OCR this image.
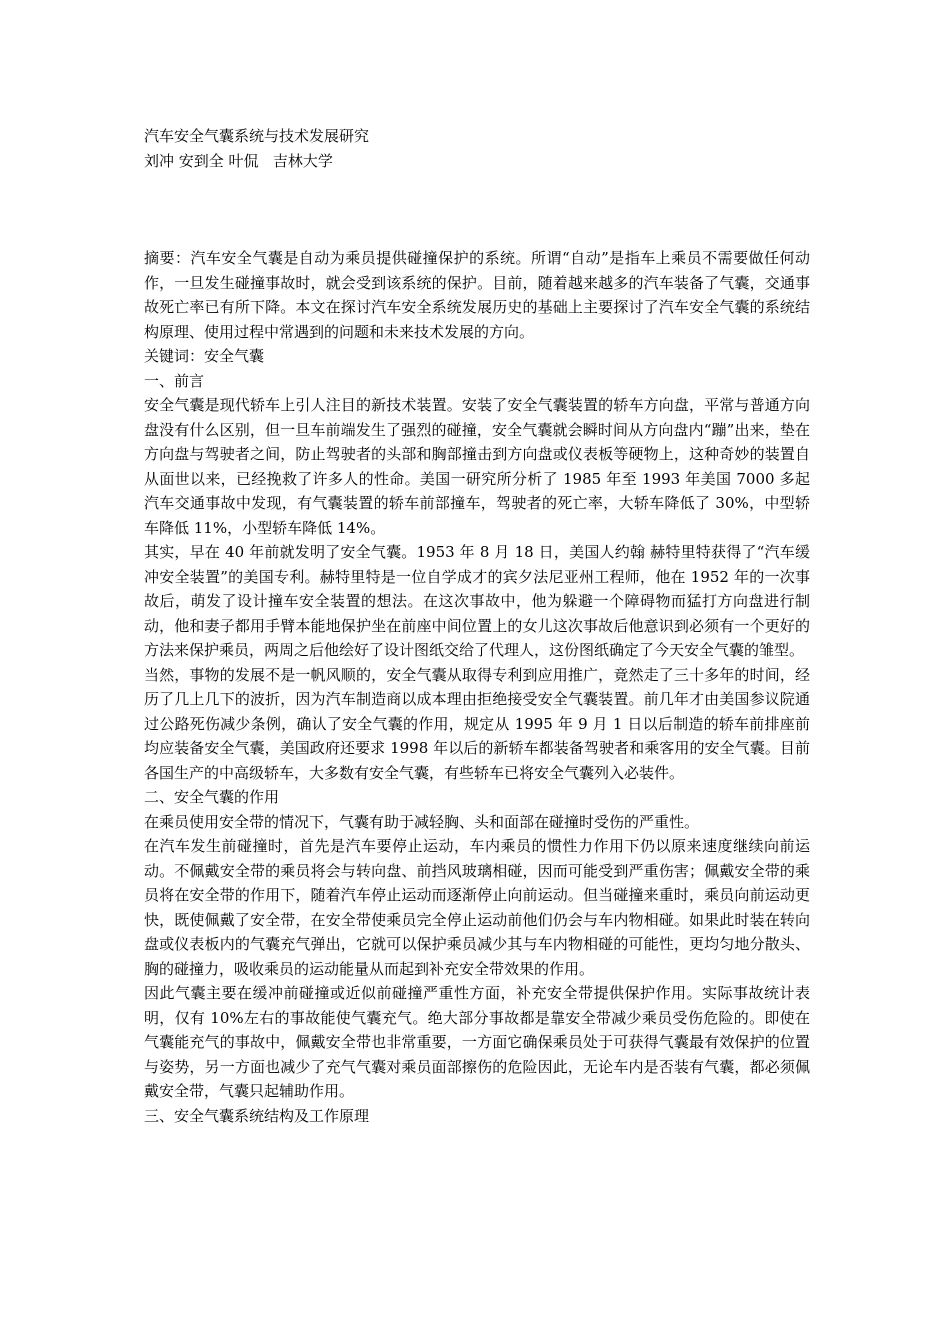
汽车安全气囊系统与技术发展研究

刘冲 安到全 叶侃   吉林大学

摘要：汽车安全气囊是自动为乘员提供碰撞保护的系统。所谓“自动”是指车上乘员不需要做任何动作，一旦发生碰撞事故时，就会受到该系统的保护。目前，随着越来越多的汽车装备了气囊，交通事故死亡率已有所下降。本文在探讨汽车安全系统发展历史的基础上主要探讨了汽车安全气囊的系统结构原理、使用过程中常遇到的问题和未来技术发展的方向。

关键词：安全气囊

一、前言

安全气囊是现代轿车上引人注目的新技术装置。安装了安全气囊装置的轿车方向盘，平常与普通方向盘没有什么区别，但一旦车前端发生了强烈的碰撞，安全气囊就会瞬时间从方向盘内“蹦”出来，垫在方向盘与驾驶者之间，防止驾驶者的头部和胸部撞击到方向盘或仪表板等硬物上，这种奇妙的装置自从面世以来，已经挽救了许多人的性命。美国一研究所分析了 1985 年至 1993 年美国 7000 多起汽车交通事故中发现，有气囊装置的轿车前部撞车，驾驶者的死亡率，大轿车降低了 30%，中型轿车降低 11%，小型轿车降低 14%。

其实，早在 40 年前就发明了安全气囊。1953 年 8 月 18 日，美国人约翰 赫特里特获得了“汽车缓冲安全装置”的美国专利。赫特里特是一位自学成才的宾夕法尼亚州工程师，他在 1952 年的一次事故后，萌发了设计撞车安全装置的想法。在这次事故中，他为躲避一个障碍物而猛打方向盘进行制动，他和妻子都用手臂本能地保护坐在前座中间位置上的女儿这次事故后他意识到必须有一个更好的方法来保护乘员，两周之后他绘好了设计图纸交给了代理人，这份图纸确定了今天安全气囊的雏型。

当然，事物的发展不是一帆风顺的，安全气囊从取得专利到应用推广，竟然走了三十多年的时间，经历了几上几下的波折，因为汽车制造商以成本理由拒绝接受安全气囊装置。前几年才由美国参议院通过公路死伤减少条例，确认了安全气囊的作用，规定从 1995 年 9 月 1 日以后制造的轿车前排座前均应装备安全气囊，美国政府还要求 1998 年以后的新轿车都装备驾驶者和乘客用的安全气囊。目前各国生产的中高级轿车，大多数有安全气囊，有些轿车已将安全气囊列入必装件。

二、安全气囊的作用

在乘员使用安全带的情况下，气囊有助于减轻胸、头和面部在碰撞时受伤的严重性。

在汽车发生前碰撞时，首先是汽车要停止运动，车内乘员的惯性力作用下仍以原来速度继续向前运动。不佩戴安全带的乘员将会与转向盘、前挡风玻璃相碰，因而可能受到严重伤害；佩戴安全带的乘员将在安全带的作用下，随着汽车停止运动而逐渐停止向前运动。但当碰撞来重时，乘员向前运动更快，既使佩戴了安全带，在安全带使乘员完全停止运动前他们仍会与车内物相碰。如果此时装在转向盘或仪表板内的气囊充气弹出，它就可以保护乘员减少其与车内物相碰的可能性，更均匀地分散头、胸的碰撞力，吸收乘员的运动能量从而起到补充安全带效果的作用。

因此气囊主要在缓冲前碰撞或近似前碰撞严重性方面，补充安全带提供保护作用。实际事故统计表明，仅有 10%左右的事故能使气囊充气。绝大部分事故都是靠安全带减少乘员受伤危险的。即使在气囊能充气的事故中，佩戴安全带也非常重要，一方面它确保乘员处于可获得气囊最有效保护的位置与姿势，另一方面也减少了充气气囊对乘员面部擦伤的危险因此，无论车内是否装有气囊，都必须佩戴安全带，气囊只起辅助作用。

三、安全气囊系统结构及工作原理
